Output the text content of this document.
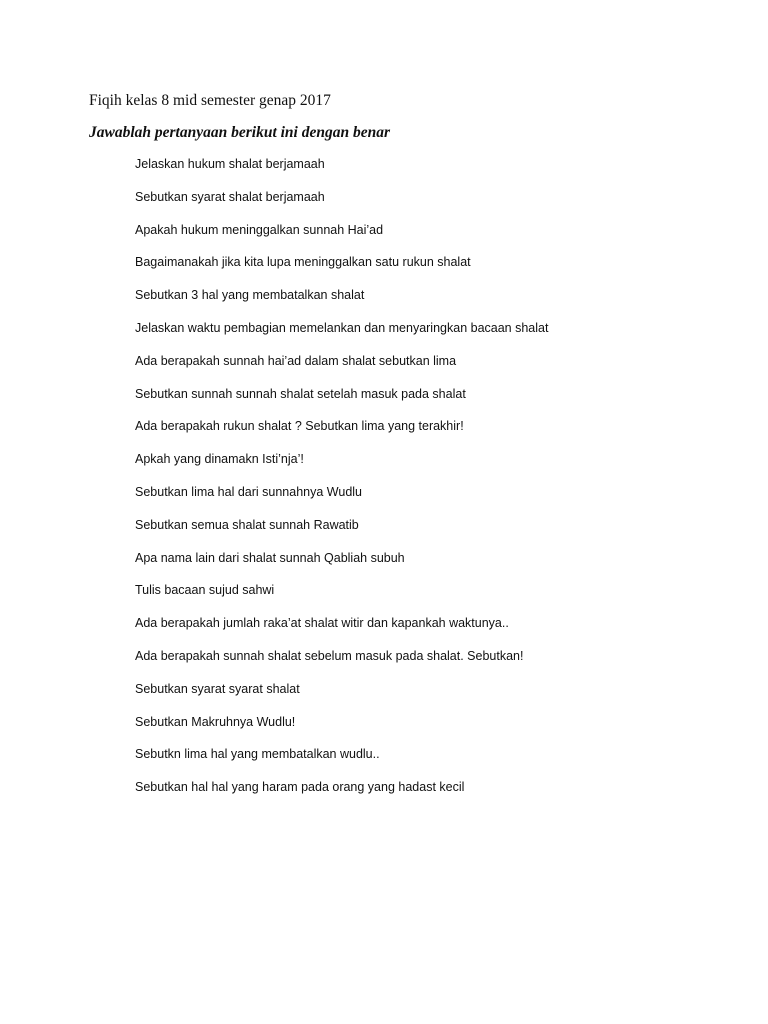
Fiqih kelas 8 mid semester genap 2017
Jawablah pertanyaan berikut ini dengan benar
Jelaskan hukum shalat berjamaah
Sebutkan syarat shalat berjamaah
Apakah hukum meninggalkan sunnah Hai’ad
Bagaimanakah jika kita lupa meninggalkan satu rukun shalat
Sebutkan 3 hal yang membatalkan shalat
Jelaskan waktu pembagian memelankan dan menyaringkan bacaan shalat
Ada berapakah sunnah hai’ad dalam shalat sebutkan lima
Sebutkan sunnah sunnah shalat setelah masuk pada shalat
Ada berapakah rukun shalat ? Sebutkan lima yang terakhir!
Apkah yang dinamakn Isti’nja’!
Sebutkan lima hal dari sunnahnya Wudlu
Sebutkan semua shalat sunnah Rawatib
Apa nama lain dari shalat sunnah Qabliah subuh
Tulis bacaan sujud sahwi
Ada berapakah jumlah raka’at shalat witir dan kapankah waktunya..
Ada berapakah sunnah shalat sebelum masuk pada shalat. Sebutkan!
Sebutkan syarat syarat shalat
Sebutkan Makruhnya Wudlu!
Sebutkn lima hal yang membatalkan wudlu..
Sebutkan hal hal yang haram pada orang yang hadast kecil
